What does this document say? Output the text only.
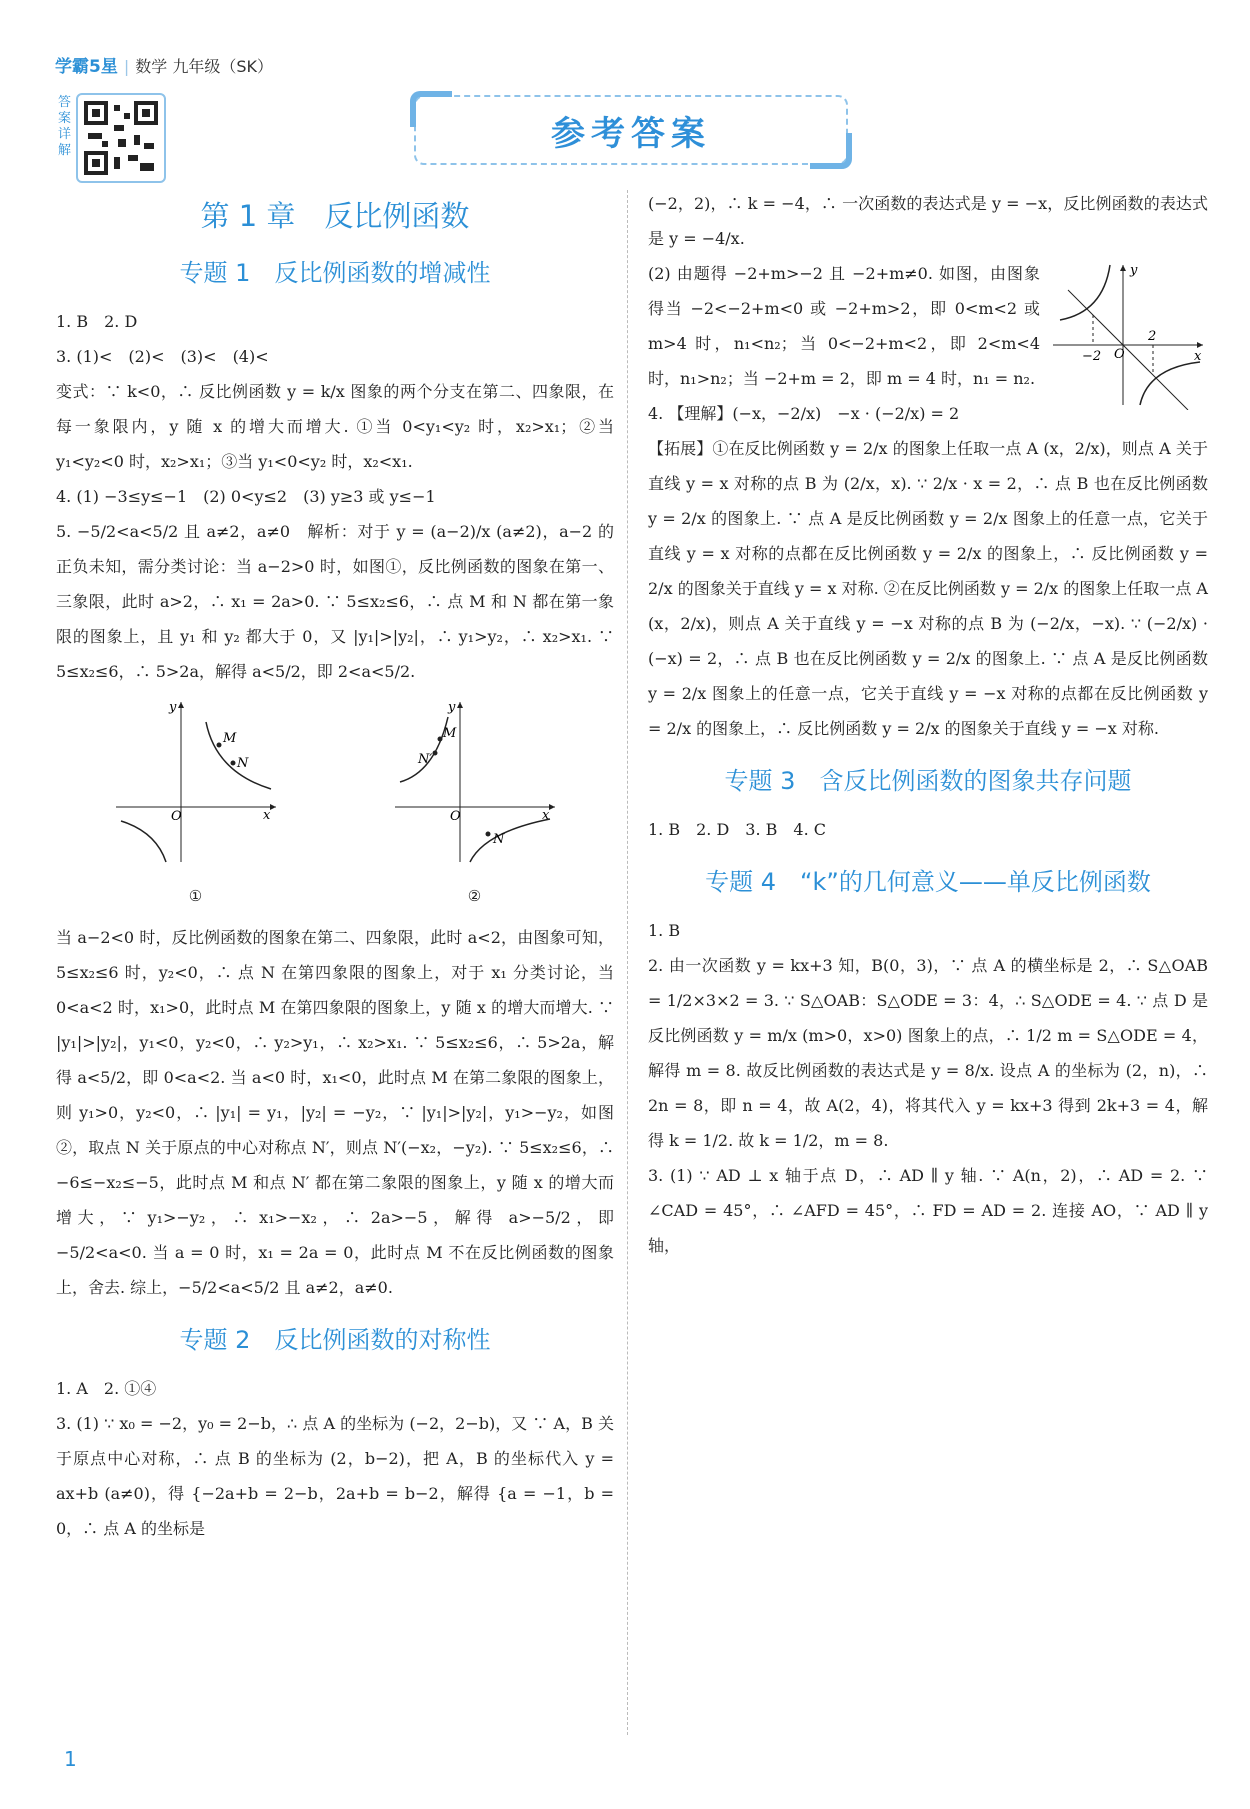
学霸5星 | 数学 九年级（SK）
答案详解	参考答案
第 1 章　反比例函数
专题 1　反比例函数的增减性

1. B　2. D

3. (1)<　(2)<　(3)<　(4)<

变式：∵ k<0，∴ 反比例函数 y = k/x 图象的两个分支在第二、四象限，在每一象限内，y 随 x 的增大而增大. ①当 0<y₁<y₂ 时，x₂>x₁；②当 y₁<y₂<0 时，x₂>x₁；③当 y₁<0<y₂ 时，x₂<x₁.

4. (1) −3≤y≤−1　(2) 0<y≤2　(3) y≥3 或 y≤−1

5. −5/2<a<5/2 且 a≠2，a≠0　解析：对于 y = (a−2)/x (a≠2)，a−2 的正负未知，需分类讨论：当 a−2>0 时，如图①，反比例函数的图象在第一、三象限，此时 a>2，∴ x₁ = 2a>0. ∵ 5≤x₂≤6，∴ 点 M 和 N 都在第一象限的图象上，且 y₁ 和 y₂ 都大于 0，又 |y₁|>|y₂|，∴ y₁>y₂，∴ x₂>x₁. ∵ 5≤x₂≤6，∴ 5>2a，解得 a<5/2，即 2<a<5/2.

M
N
O	x
y
①
M
N′
N
O	x
y
②

当 a−2<0 时，反比例函数的图象在第二、四象限，此时 a<2，由图象可知，5≤x₂≤6 时，y₂<0，∴ 点 N 在第四象限的图象上，对于 x₁ 分类讨论，当 0<a<2 时，x₁>0，此时点 M 在第四象限的图象上，y 随 x 的增大而增大. ∵ |y₁|>|y₂|，y₁<0，y₂<0，∴ y₂>y₁，∴ x₂>x₁. ∵ 5≤x₂≤6，∴ 5>2a，解得 a<5/2，即 0<a<2. 当 a<0 时，x₁<0，此时点 M 在第二象限的图象上，则 y₁>0，y₂<0，∴ |y₁| = y₁，|y₂| = −y₂，∵ |y₁|>|y₂|，y₁>−y₂，如图②，取点 N 关于原点的中心对称点 N′，则点 N′(−x₂，−y₂). ∵ 5≤x₂≤6，∴ −6≤−x₂≤−5，此时点 M 和点 N′ 都在第二象限的图象上，y 随 x 的增大而增大，∵ y₁>−y₂，∴ x₁>−x₂，∴ 2a>−5，解得 a>−5/2，即 −5/2<a<0. 当 a = 0 时，x₁ = 2a = 0，此时点 M 不在反比例函数的图象上，舍去. 综上，−5/2<a<5/2 且 a≠2，a≠0.

专题 2　反比例函数的对称性

1. A　2. ①④

3. (1) ∵ x₀ = −2，y₀ = 2−b，∴ 点 A 的坐标为 (−2，2−b)，又 ∵ A，B 关于原点中心对称，∴ 点 B 的坐标为 (2，b−2)，把 A，B 的坐标代入 y = ax+b (a≠0)，得 {−2a+b = 2−b，2a+b = b−2，解得 {a = −1，b = 0，∴ 点 A 的坐标是

(−2，2)，∴ k = −4，∴ 一次函数的表达式是 y = −x，反比例函数的表达式是 y = −4/x.

y
x
O
−2
2

(2) 由题得 −2+m>−2 且 −2+m≠0. 如图，由图象得当 −2<−2+m<0 或 −2+m>2，即 0<m<2 或 m>4 时，n₁<n₂；当 0<−2+m<2，即 2<m<4 时，n₁>n₂；当 −2+m = 2，即 m = 4 时，n₁ = n₂.

4. 【理解】(−x，−2/x)　−x · (−2/x) = 2

【拓展】①在反比例函数 y = 2/x 的图象上任取一点 A (x，2/x)，则点 A 关于直线 y = x 对称的点 B 为 (2/x，x). ∵ 2/x · x = 2，∴ 点 B 也在反比例函数 y = 2/x 的图象上. ∵ 点 A 是反比例函数 y = 2/x 图象上的任意一点，它关于直线 y = x 对称的点都在反比例函数 y = 2/x 的图象上，∴ 反比例函数 y = 2/x 的图象关于直线 y = x 对称. ②在反比例函数 y = 2/x 的图象上任取一点 A (x，2/x)，则点 A 关于直线 y = −x 对称的点 B 为 (−2/x，−x). ∵ (−2/x) · (−x) = 2，∴ 点 B 也在反比例函数 y = 2/x 的图象上. ∵ 点 A 是反比例函数 y = 2/x 图象上的任意一点，它关于直线 y = −x 对称的点都在反比例函数 y = 2/x 的图象上，∴ 反比例函数 y = 2/x 的图象关于直线 y = −x 对称.

专题 3　含反比例函数的图象共存问题

1. B　2. D　3. B　4. C

专题 4　“k”的几何意义——单反比例函数

1. B

2. 由一次函数 y = kx+3 知，B(0，3)，∵ 点 A 的横坐标是 2，∴ S△OAB = 1/2×3×2 = 3. ∵ S△OAB：S△ODE = 3：4，∴ S△ODE = 4. ∵ 点 D 是反比例函数 y = m/x (m>0，x>0) 图象上的点，∴ 1/2 m = S△ODE = 4，解得 m = 8. 故反比例函数的表达式是 y = 8/x. 设点 A 的坐标为 (2，n)，∴ 2n = 8，即 n = 4，故 A(2，4)，将其代入 y = kx+3 得到 2k+3 = 4，解得 k = 1/2. 故 k = 1/2，m = 8.

3. (1) ∵ AD ⊥ x 轴于点 D，∴ AD ∥ y 轴. ∵ A(n，2)，∴ AD = 2. ∵ ∠CAD = 45°，∴ ∠AFD = 45°，∴ FD = AD = 2. 连接 AO，∵ AD ∥ y 轴，

1
